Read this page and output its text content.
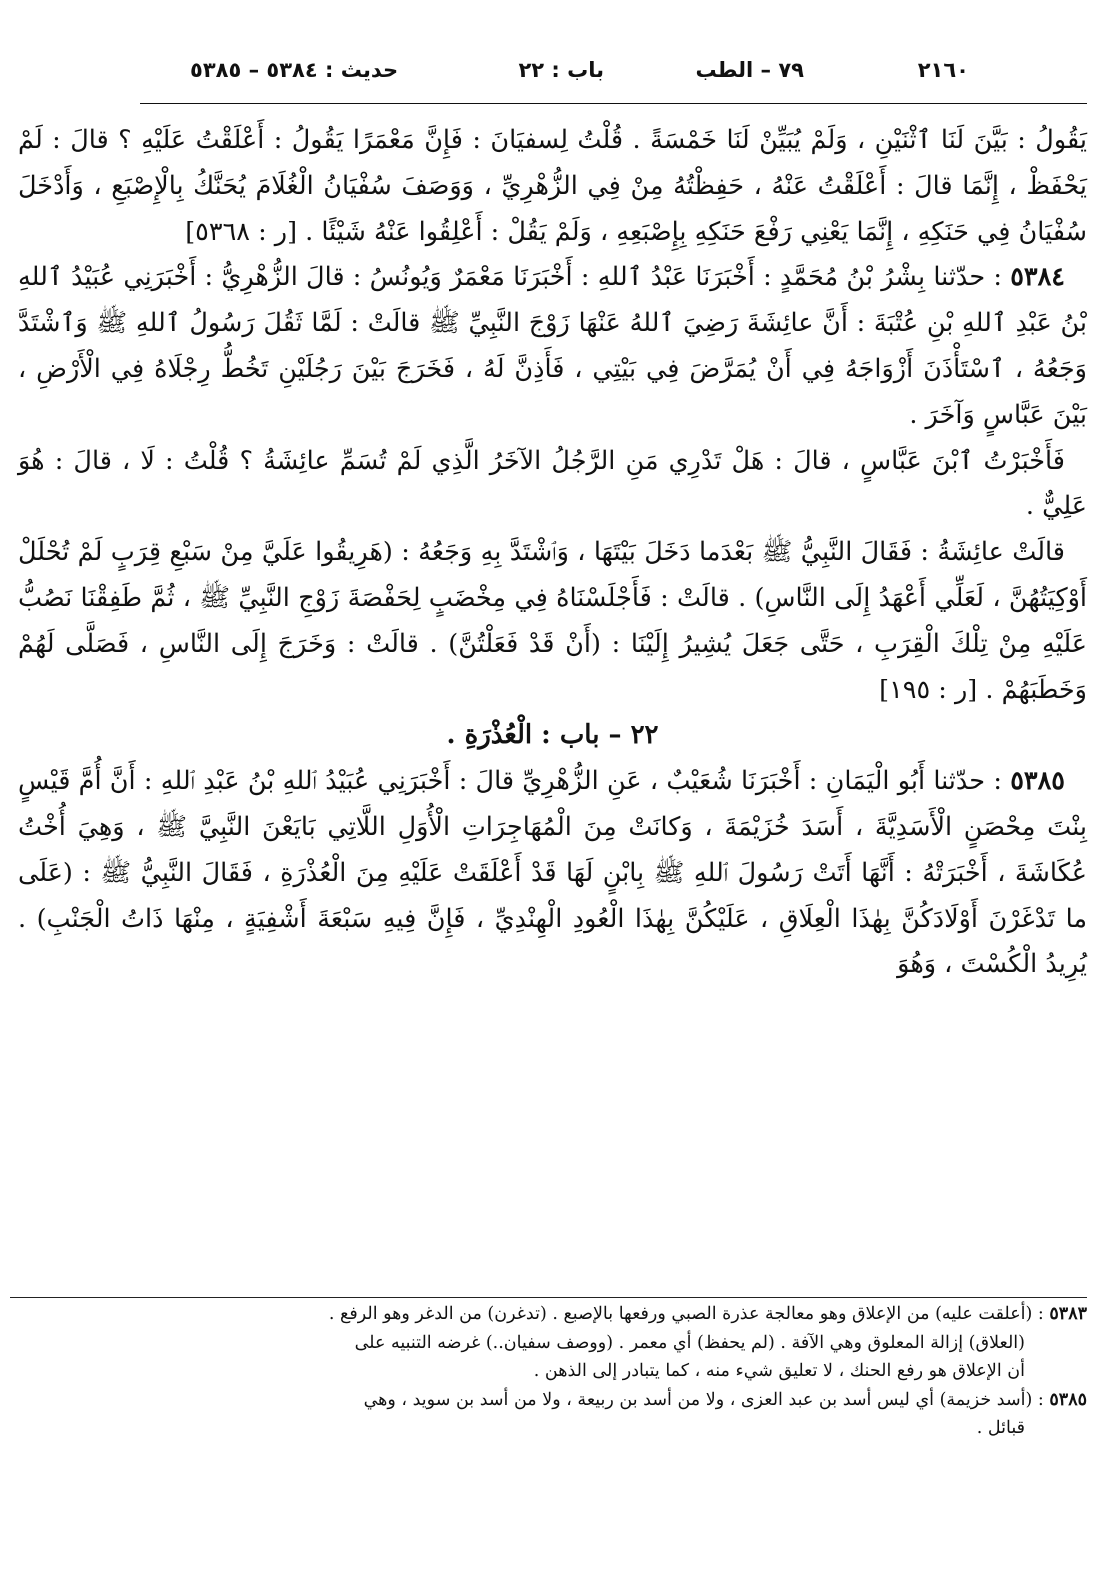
٢١٦٠
٧٩ – الطب
باب : ٢٢
حديث : ٥٣٨٤ – ٥٣٨٥

يَقُولُ : بَيَّنَ لَنَا ٱثْنَيْنِ ، وَلَمْ يُبَيِّنْ لَنَا خَمْسَةً . قُلْتُ لِسفيَانَ : فَإِنَّ مَعْمَرًا يَقُولُ : أَعْلَقْتُ عَلَيْهِ ؟ قالَ : لَمْ يَحْفَظْ ، إِنَّمَا قالَ : أَعْلَقْتُ عَنْهُ ، حَفِظْتُهُ مِنْ فِي الزُّهْرِيِّ ، وَوَصَفَ سُفْيَانُ الْغُلَامَ يُحَنَّكُ بِالْإِصْبَعِ ، وَأَدْخَلَ سُفْيَانُ فِي حَنَكِهِ ، إِنَّمَا يَعْنِي رَفْعَ حَنَكِهِ بِإِصْبَعِهِ ، وَلَمْ يَقُلْ : أَعْلِقُوا عَنْهُ شَيْئًا . [ر : ٥٣٦٨]

٥٣٨٤ : حدّثنا بِشْرُ بْنُ مُحَمَّدٍ : أَخْبَرَنَا عَبْدُ ٱللهِ : أَخْبَرَنَا مَعْمَرٌ وَيُونُسُ : قالَ الزُّهْرِيُّ : أَخْبَرَنِي عُبَيْدُ ٱللهِ بْنُ عَبْدِ ٱللهِ بْنِ عُتْبَةَ : أَنَّ عائِشَةَ رَضِيَ ٱللهُ عَنْهَا زَوْجَ النَّبِيِّ ﷺ قالَتْ : لَمَّا ثَقُلَ رَسُولُ ٱللهِ ﷺ وَٱشْتَدَّ وَجَعُهُ ، ٱسْتَأْذَنَ أَزْوَاجَهُ فِي أَنْ يُمَرَّضَ فِي بَيْتِي ، فَأَذِنَّ لَهُ ، فَخَرَجَ بَيْنَ رَجُلَيْنِ تَخُطُّ رِجْلَاهُ فِي الْأَرْضِ ، بَيْنَ عَبَّاسٍ وَآخَرَ .

فَأَخْبَرْتُ ٱبْنَ عَبَّاسٍ ، قالَ : هَلْ تَدْرِي مَنِ الرَّجُلُ الآخَرُ الَّذِي لَمْ تُسَمِّ عائِشَةُ ؟ قُلْتُ : لَا ، قالَ : هُوَ عَلِيٌّ .

قالَتْ عائِشَةُ : فَقَالَ النَّبِيُّ ﷺ بَعْدَما دَخَلَ بَيْتَهَا ، وَٱشْتَدَّ بِهِ وَجَعُهُ : (هَرِيقُوا عَلَيَّ مِنْ سَبْعِ قِرَبٍ لَمْ تُحْلَلْ أَوْكِيَتُهُنَّ ، لَعَلِّي أَعْهَدُ إِلَى النَّاسِ) . قالَتْ : فَأَجْلَسْنَاهُ فِي مِخْضَبٍ لِحَفْصَةَ زَوْجِ النَّبِيِّ ﷺ ، ثُمَّ طَفِقْنَا نَصُبُّ عَلَيْهِ مِنْ تِلْكَ الْقِرَبِ ، حَتَّى جَعَلَ يُشِيرُ إِلَيْنَا : (أَنْ قَدْ فَعَلْتُنَّ) . قالَتْ : وَخَرَجَ إِلَى النَّاسِ ، فَصَلَّى لَهُمْ وَخَطَبَهُمْ . [ر : ١٩٥]

٢٢ – باب : الْعُذْرَةِ .

٥٣٨٥ : حدّثنا أَبُو الْيَمَانِ : أَخْبَرَنَا شُعَيْبٌ ، عَنِ الزُّهْرِيِّ قالَ : أَخْبَرَنِي عُبَيْدُ ٱللهِ بْنُ عَبْدِ ٱللهِ : أَنَّ أُمَّ قَيْسٍ بِنْتَ مِحْصَنٍ الْأَسَدِيَّةَ ، أَسَدَ خُزَيْمَةَ ، وَكانَتْ مِنَ الْمُهَاجِرَاتِ الْأُوَلِ اللَّاتِي بَايَعْنَ النَّبِيَّ ﷺ ، وَهِيَ أُخْتُ عُكَاشَةَ ، أَخْبَرَتْهُ : أَنَّهَا أَتَتْ رَسُولَ ٱللهِ ﷺ بِابْنٍ لَهَا قَدْ أَعْلَقَتْ عَلَيْهِ مِنَ الْعُذْرَةِ ، فَقَالَ النَّبِيُّ ﷺ : (عَلَى ما تَدْغَرْنَ أَوْلَادَكُنَّ بِهٰذَا الْعِلَاقِ ، عَلَيْكُنَّ بِهٰذَا الْعُودِ الْهِنْدِيِّ ، فَإِنَّ فِيهِ سَبْعَةَ أَشْفِيَةٍ ، مِنْهَا ذَاتُ الْجَنْبِ) . يُرِيدُ الْكُسْتَ ، وَهُوَ

٥٣٨٣ : (أعلقت عليه) من الإعلاق وهو معالجة عذرة الصبي ورفعها بالإصبع . (تدغرن) من الدغر وهو الرفع .

(العلاق) إزالة المعلوق وهي الآفة . (لم يحفظ) أي معمر . (ووصف سفيان..) غرضه التنبيه على

أن الإعلاق هو رفع الحنك ، لا تعليق شيء منه ، كما يتبادر إلى الذهن .

٥٣٨٥ : (أسد خزيمة) أي ليس أسد بن عبد العزى ، ولا من أسد بن ربيعة ، ولا من أسد بن سويد ، وهي

قبائل .
